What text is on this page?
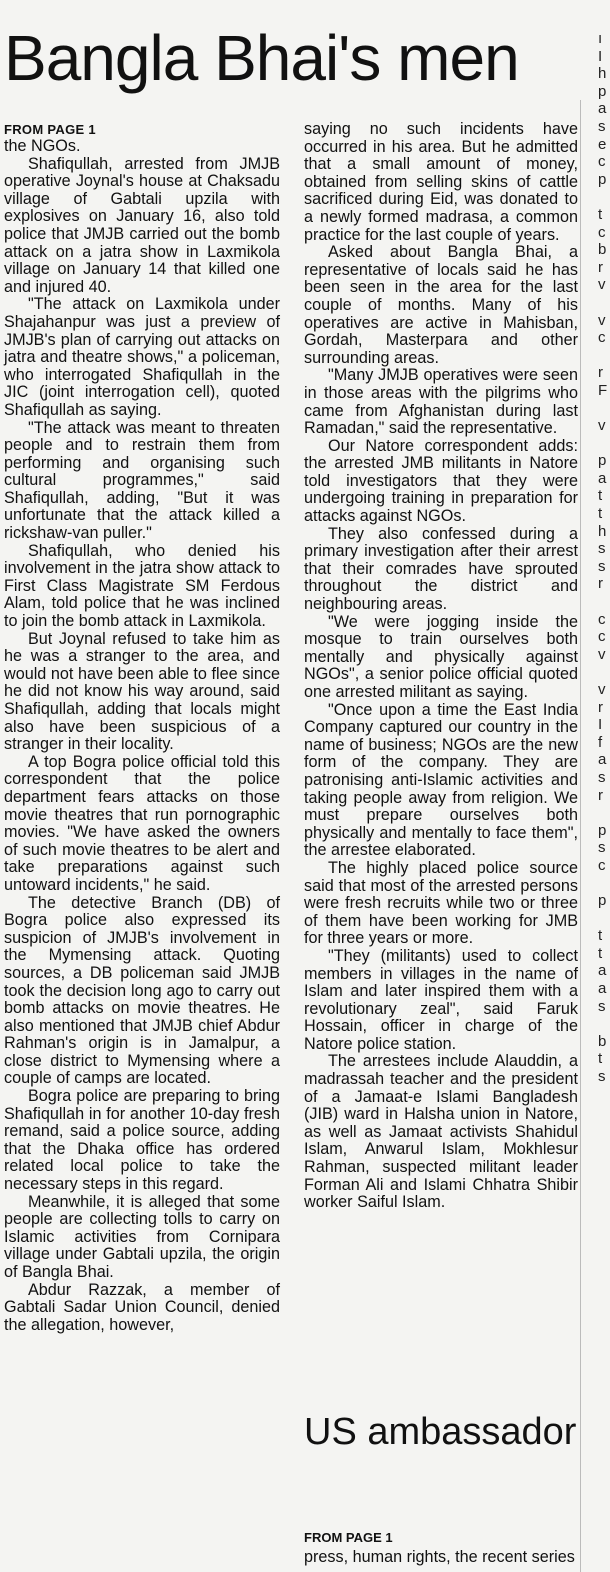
Bangla Bhai's men
FROM PAGE 1

the NGOs.

Shafiqullah, arrested from JMJB operative Joynal's house at Chaksadu village of Gabtali upzila with explosives on January 16, also told police that JMJB carried out the bomb attack on a jatra show in Laxmikola village on January 14 that killed one and injured 40.

"The attack on Laxmikola under Shajahanpur was just a preview of JMJB's plan of carrying out attacks on jatra and theatre shows," a policeman, who interrogated Shafiqullah in the JIC (joint interrogation cell), quoted Shafiqullah as saying.

"The attack was meant to threaten people and to restrain them from performing and organising such cultural programmes," said Shafiqullah, adding, "But it was unfortunate that the attack killed a rickshaw-van puller."

Shafiqullah, who denied his involvement in the jatra show attack to First Class Magistrate SM Ferdous Alam, told police that he was inclined to join the bomb attack in Laxmikola.

But Joynal refused to take him as he was a stranger to the area, and would not have been able to flee since he did not know his way around, said Shafiqullah, adding that locals might also have been suspicious of a stranger in their locality.

A top Bogra police official told this correspondent that the police department fears attacks on those movie theatres that run pornographic movies. "We have asked the owners of such movie theatres to be alert and take preparations against such untoward incidents," he said.

The detective Branch (DB) of Bogra police also expressed its suspicion of JMJB's involvement in the Mymensing attack. Quoting sources, a DB policeman said JMJB took the decision long ago to carry out bomb attacks on movie theatres. He also mentioned that JMJB chief Abdur Rahman's origin is in Jamalpur, a close district to Mymensing where a couple of camps are located.

Bogra police are preparing to bring Shafiqullah in for another 10-day fresh remand, said a police source, adding that the Dhaka office has ordered related local police to take the necessary steps in this regard.

Meanwhile, it is alleged that some people are collecting tolls to carry on Islamic activities from Cornipara village under Gabtali upzila, the origin of Bangla Bhai.

Abdur Razzak, a member of Gabtali Sadar Union Council, denied the allegation, however,

saying no such incidents have occurred in his area. But he admitted that a small amount of money, obtained from selling skins of cattle sacrificed during Eid, was donated to a newly formed madrasa, a common practice for the last couple of years.

Asked about Bangla Bhai, a representative of locals said he has been seen in the area for the last couple of months. Many of his operatives are active in Mahisban, Gordah, Masterpara and other surrounding areas.

"Many JMJB operatives were seen in those areas with the pilgrims who came from Afghanistan during last Ramadan," said the representative.

Our Natore correspondent adds: the arrested JMB militants in Natore told investigators that they were undergoing training in preparation for attacks against NGOs.

They also confessed during a primary investigation after their arrest that their comrades have sprouted throughout the district and neighbouring areas.

"We were jogging inside the mosque to train ourselves both mentally and physically against NGOs", a senior police official quoted one arrested militant as saying.

"Once upon a time the East India Company captured our country in the name of business; NGOs are the new form of the company. They are patronising anti-Islamic activities and taking people away from religion. We must prepare ourselves both physically and mentally to face them", the arrestee elaborated.

The highly placed police source said that most of the arrested persons were fresh recruits while two or three of them have been working for JMB for three years or more.

"They (militants) used to collect members in villages in the name of Islam and later inspired them with a revolutionary zeal", said Faruk Hossain, officer in charge of the Natore police station.

The arrestees include Alauddin, a madrassah teacher and the president of a Jamaat-e Islami Bangladesh (JIB) ward in Halsha union in Natore, as well as Jamaat activists Shahidul Islam, Anwarul Islam, Mokhlesur Rahman, suspected militant leader Forman Ali and Islami Chhatra Shibir worker Saiful Islam.

US ambassador
FROM PAGE 1
press, human rights, the recent series
ı
I
h
p
a
s
e
c
p
t
c
b
r
v
v
c
r
F
v
p
a
t
t
h
s
s
r
c
c
v
v
r
I
f
a
s
r
p
s
c
p
t
t
a
a
s
b
t
s
